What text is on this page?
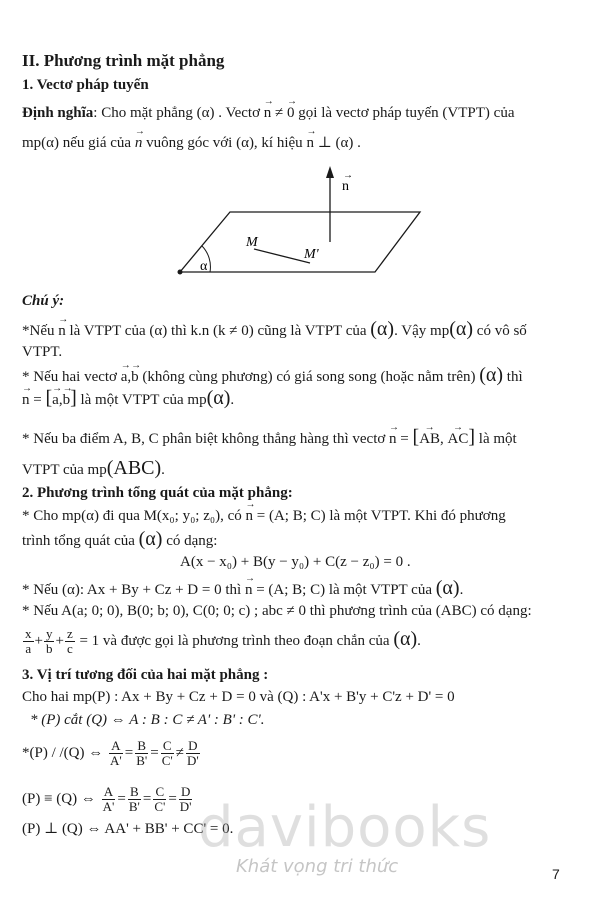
II. Phương trình mặt phẳng
1. Vectơ pháp tuyến
Định nghĩa: Cho mặt phẳng (α) . Vectơ → n ≠ → 0 gọi là vectơ pháp tuyến (VTPT) của
mp(α) nếu giá của → n vuông góc với (α), kí hiệu → n ⊥ (α) .
n
→
M
M'
α
Chú ý:
*Nếu → n là VTPT của (α) thì k.n (k ≠ 0) cũng là VTPT của (α). Vậy mp(α) có vô số
VTPT.
* Nếu hai vectơ → a,→ b (không cùng phương) có giá song song (hoặc nằm trên) (α) thì
→ n = [→ a,→ b] là một VTPT của mp(α).
* Nếu ba điểm A, B, C phân biệt không thẳng hàng thì vectơ → n = [→ AB, → AC] là một
VTPT của mp(ABC).
2. Phương trình tổng quát của mặt phẳng:
* Cho mp(α) đi qua M(x₀; y₀; z₀), có → n = (A; B; C) là một VTPT. Khi đó phương
trình tổng quát của (α) có dạng:
A(x − x₀) + B(y − y₀) + C(z − z₀) = 0 .
* Nếu (α): Ax + By + Cz + D = 0 thì → n = (A; B; C) là một VTPT của (α).
* Nếu A(a; 0; 0), B(0; b; 0), C(0; 0; c) ; abc ≠ 0 thì phương trình của (ABC) có dạng:
$\frac{x}{a} + \frac{y}{b} + \frac{z}{c} = 1$ và được gọi là phương trình theo đoạn chắn của (α).
3. Vị trí tương đối của hai mặt phẳng :
Cho hai mp(P) : Ax + By + Cz + D = 0 và (Q) : A'x + B'y + C'z + D' = 0
* (P) cắt (Q) ⇔ A : B : C ≠ A' : B' : C'.
*(P) / /(Q) ⇔ $\frac{A}{A'} = \frac{B}{B'} = \frac{C}{C'} \ne \frac{D}{D'}$
(P) ≡ (Q) ⇔ $\frac{A}{A'} = \frac{B}{B'} = \frac{C}{C'} = \frac{D}{D'}$
(P) ⊥ (Q) ⇔ AA' + BB' + CC' = 0.
davibooks
Khát vọng tri thức	7
